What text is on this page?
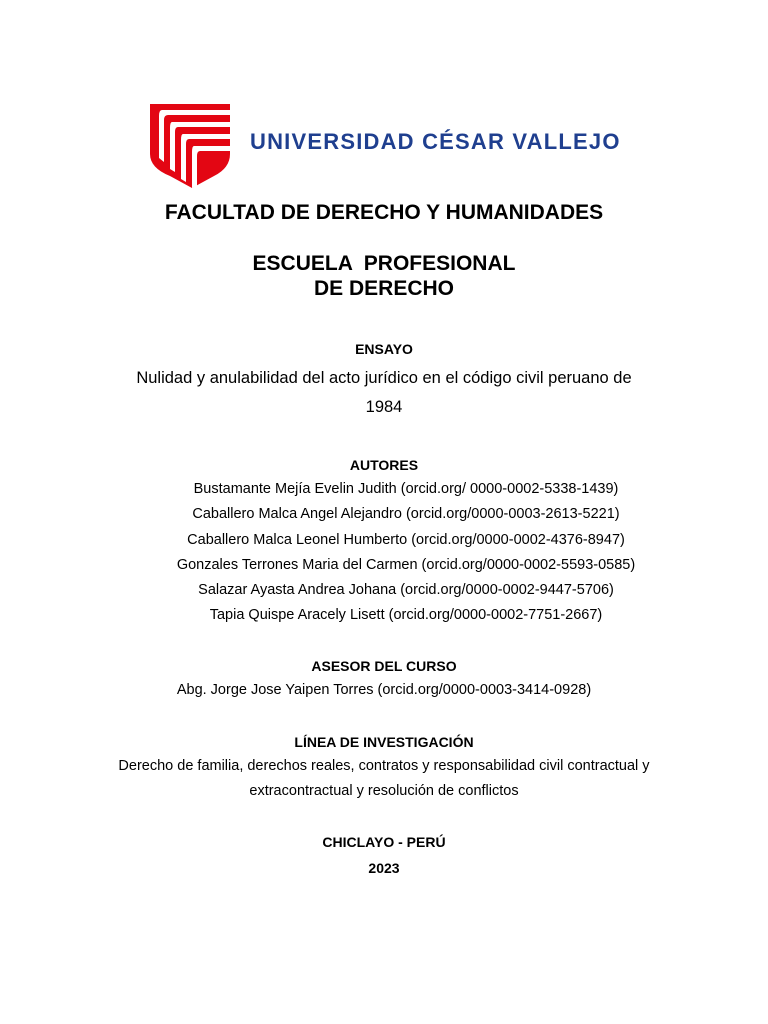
UNIVERSIDAD CÉSAR VALLEJO
FACULTAD DE DERECHO Y HUMANIDADES
ESCUELA  PROFESIONAL
DE DERECHO
ENSAYO
Nulidad y anulabilidad del acto jurídico en el código civil peruano de
1984
AUTORES
Bustamante Mejía Evelin Judith (orcid.org/ 0000-0002-5338-1439)
Caballero Malca Angel Alejandro (orcid.org/0000-0003-2613-5221)
Caballero Malca Leonel Humberto (orcid.org/0000-0002-4376-8947)
Gonzales Terrones Maria del Carmen (orcid.org/0000-0002-5593-0585)
Salazar Ayasta Andrea Johana (orcid.org/0000-0002-9447-5706)
Tapia Quispe Aracely Lisett (orcid.org/0000-0002-7751-2667)
ASESOR DEL CURSO
Abg. Jorge Jose Yaipen Torres (orcid.org/0000-0003-3414-0928)
LÍNEA DE INVESTIGACIÓN
Derecho de familia, derechos reales, contratos y responsabilidad civil contractual y
extracontractual y resolución de conflictos
CHICLAYO - PERÚ
2023
